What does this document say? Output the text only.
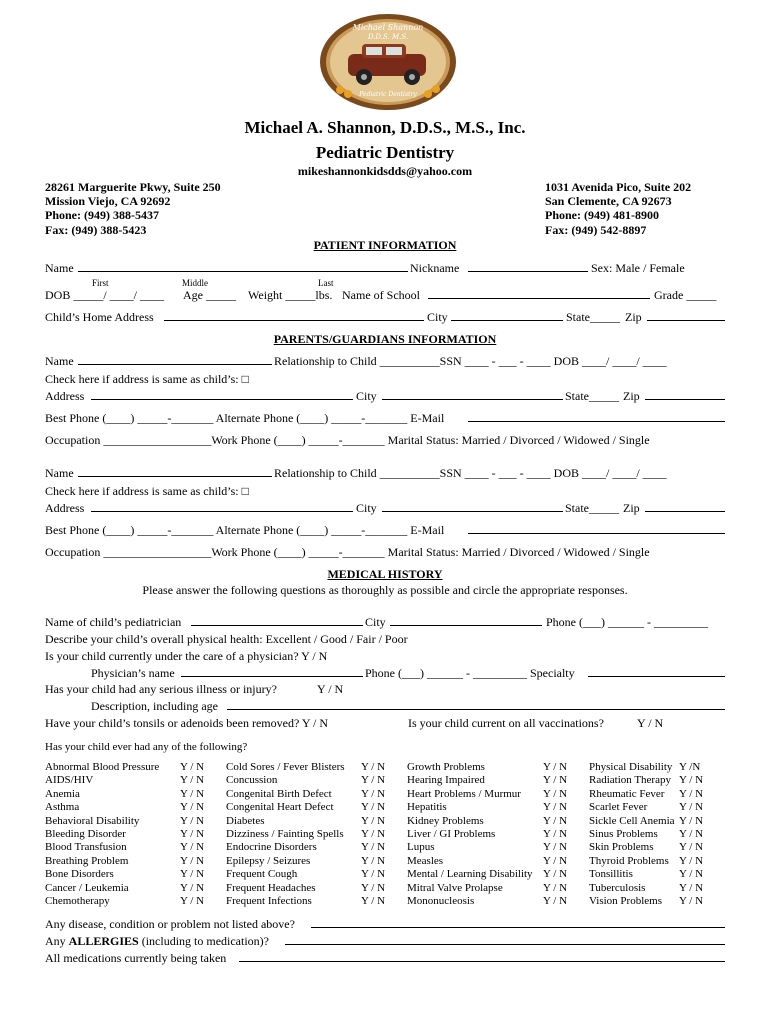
Michael Shannon
D.D.S. M.S.
Pediatric Dentistry
Michael A. Shannon, D.D.S., M.S., Inc.
Pediatric Dentistry
mikeshannonkidsdds@yahoo.com
28261 Marguerite Pkwy, Suite 250
Mission Viejo, CA 92692
Phone: (949) 388-5437
Fax: (949) 388-5423
1031 Avenida Pico, Suite 202
San Clemente, CA 92673
Phone: (949) 481-8900
Fax: (949) 542-8897
PATIENT INFORMATION
Name	Nickname	Sex: Male / Female
First	Middle	Last
DOB _____/ ____/ ____ Age _____ Weight _____lbs. Name of School	Grade _____
Child’s Home Address	City	State_____ Zip
PARENTS/GUARDIANS INFORMATION
Name	Relationship to Child __________SSN ____ - ___ - ____ DOB ____/ ____/ ____
Check here if address is same as child’s: □
Address	City	State_____ Zip
Best Phone (____) _____-_______ Alternate Phone (____) _____-_______ E-Mail
Occupation __________________Work Phone (____) _____-_______ Marital Status: Married / Divorced / Widowed / Single
Name	Relationship to Child __________SSN ____ - ___ - ____ DOB ____/ ____/ ____
Check here if address is same as child’s: □
Address	City	State_____ Zip
Best Phone (____) _____-_______ Alternate Phone (____) _____-_______ E-Mail
Occupation __________________Work Phone (____) _____-_______ Marital Status: Married / Divorced / Widowed / Single
MEDICAL HISTORY
Please answer the following questions as thoroughly as possible and circle the appropriate responses.
Name of child’s pediatrician	City	Phone (___) ______ - _________
Describe your child’s overall physical health: Excellent / Good / Fair / Poor
Is your child currently under the care of a physician? Y / N
Physician’s name	Phone (___) ______ - _________ Specialty
Has your child had any serious illness or injury?	Y / N
Description, including age
Have your child’s tonsils or adenoids been removed? Y / N	Is your child current on all vaccinations?	Y / N
Has your child ever had any of the following?
Abnormal Blood Pressure	Y / N	Cold Sores / Fever Blisters	Y / N	Growth Problems	Y / N	Physical Disability	Y /N
AIDS/HIV	Y / N	Concussion	Y / N	Hearing Impaired	Y / N	Radiation Therapy	Y / N
Anemia	Y / N	Congenital Birth Defect	Y / N	Heart Problems / Murmur	Y / N	Rheumatic Fever	Y / N
Asthma	Y / N	Congenital Heart Defect	Y / N	Hepatitis	Y / N	Scarlet Fever	Y / N
Behavioral Disability	Y / N	Diabetes	Y / N	Kidney Problems	Y / N	Sickle Cell Anemia	Y / N
Bleeding Disorder	Y / N	Dizziness / Fainting Spells	Y / N	Liver / GI Problems	Y / N	Sinus Problems	Y / N
Blood Transfusion	Y / N	Endocrine Disorders	Y / N	Lupus	Y / N	Skin Problems	Y / N
Breathing Problem	Y / N	Epilepsy / Seizures	Y / N	Measles	Y / N	Thyroid Problems	Y / N
Bone Disorders	Y / N	Frequent Cough	Y / N	Mental / Learning Disability	Y / N	Tonsillitis	Y / N
Cancer / Leukemia	Y / N	Frequent Headaches	Y / N	Mitral Valve Prolapse	Y / N	Tuberculosis	Y / N
Chemotherapy	Y / N	Frequent Infections	Y / N	Mononucleosis	Y / N	Vision Problems	Y / N
Any disease, condition or problem not listed above?
Any ALLERGIES (including to medication)?
All medications currently being taken
